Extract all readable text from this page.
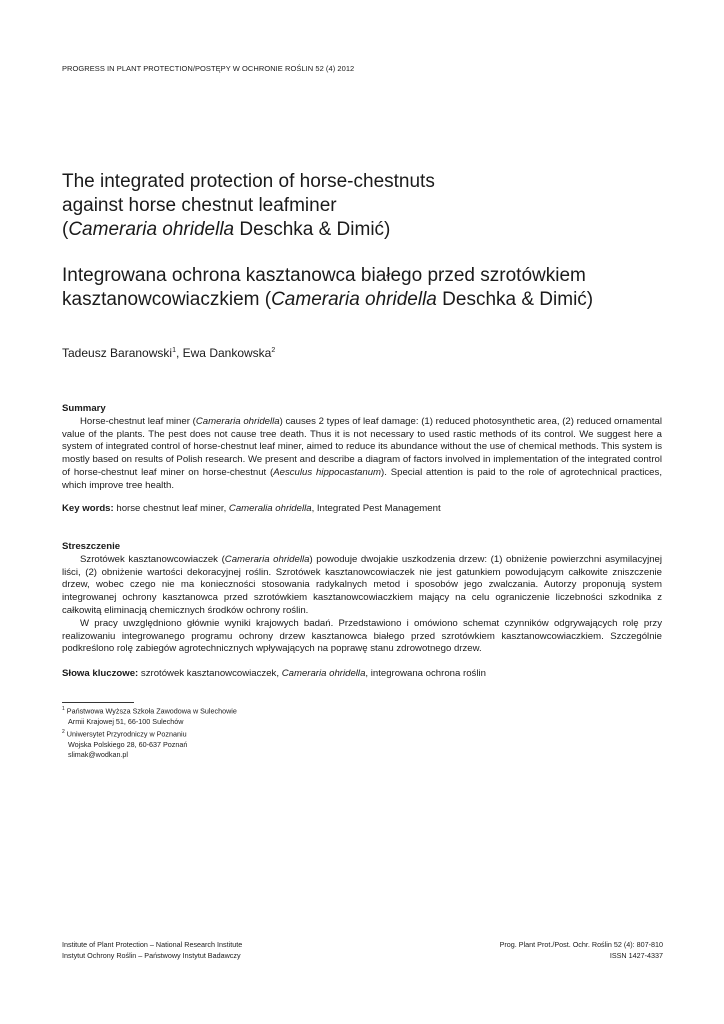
PROGRESS IN PLANT PROTECTION/POSTĘPY W OCHRONIE ROŚLIN 52 (4) 2012
The integrated protection of horse-chestnuts
against horse chestnut leafminer
(Cameraria ohridella Deschka & Dimić)
Integrowana ochrona kasztanowca białego przed szrotówkiem
kasztanowcowiaczkiem (Cameraria ohridella Deschka & Dimić)
Tadeusz Baranowski$^1$, Ewa Dankowska$^2$
Summary

Horse-chestnut leaf miner (Cameraria ohridella) causes 2 types of leaf damage: (1) reduced photosynthetic area, (2) reduced ornamental value of the plants. The pest does not cause tree death. Thus it is not necessary to used rastic methods of its control. We suggest here a system of integrated control of horse-chestnut leaf miner, aimed to reduce its abundance without the use of chemical methods. This system is mostly based on results of Polish research. We present and describe a diagram of factors involved in implementation of the integrated control of horse-chestnut leaf miner on horse-chestnut (Aesculus hippocastanum). Special attention is paid to the role of agrotechnical practices, which improve tree health.

Key words: horse chestnut leaf miner, Cameralia ohridella, Integrated Pest Management
Streszczenie

Szrotówek kasztanowcowiaczek (Cameraria ohridella) powoduje dwojakie uszkodzenia drzew: (1) obniżenie powierzchni asymilacyjnej liści, (2) obniżenie wartości dekoracyjnej roślin. Szrotówek kasztanowcowiaczek nie jest gatunkiem powodującym całkowite zniszczenie drzew, wobec czego nie ma konieczności stosowania radykalnych metod i sposobów jego zwalczania. Autorzy proponują system integrowanej ochrony kasztanowca przed szrotówkiem kasztanowcowiaczkiem mający na celu ograniczenie liczebności szkodnika z całkowitą eliminacją chemicznych środków ochrony roślin.

W pracy uwzględniono głównie wyniki krajowych badań. Przedstawiono i omówiono schemat czynników odgrywających rolę przy realizowaniu integrowanego programu ochrony drzew kasztanowca białego przed szrotówkiem kasztanowcowiaczkiem. Szczególnie podkreślono rolę zabiegów agrotechnicznych wpływających na poprawę stanu zdrowotnego drzew.

Słowa kluczowe: szrotówek kasztanowcowiaczek, Cameraria ohridella, integrowana ochrona roślin
$^1$ Państwowa Wyższa Szkoła Zawodowa w Sulechowie
Armii Krajowej 51, 66-100 Sulechów
$^2$ Uniwersytet Przyrodniczy w Poznaniu
Wojska Polskiego 28, 60-637 Poznań
slimak@wodkan.pl
Institute of Plant Protection – National Research Institute
Instytut Ochrony Roślin – Państwowy Instytut Badawczy
Prog. Plant Prot./Post. Ochr. Roślin 52 (4): 807-810
ISSN 1427-4337
